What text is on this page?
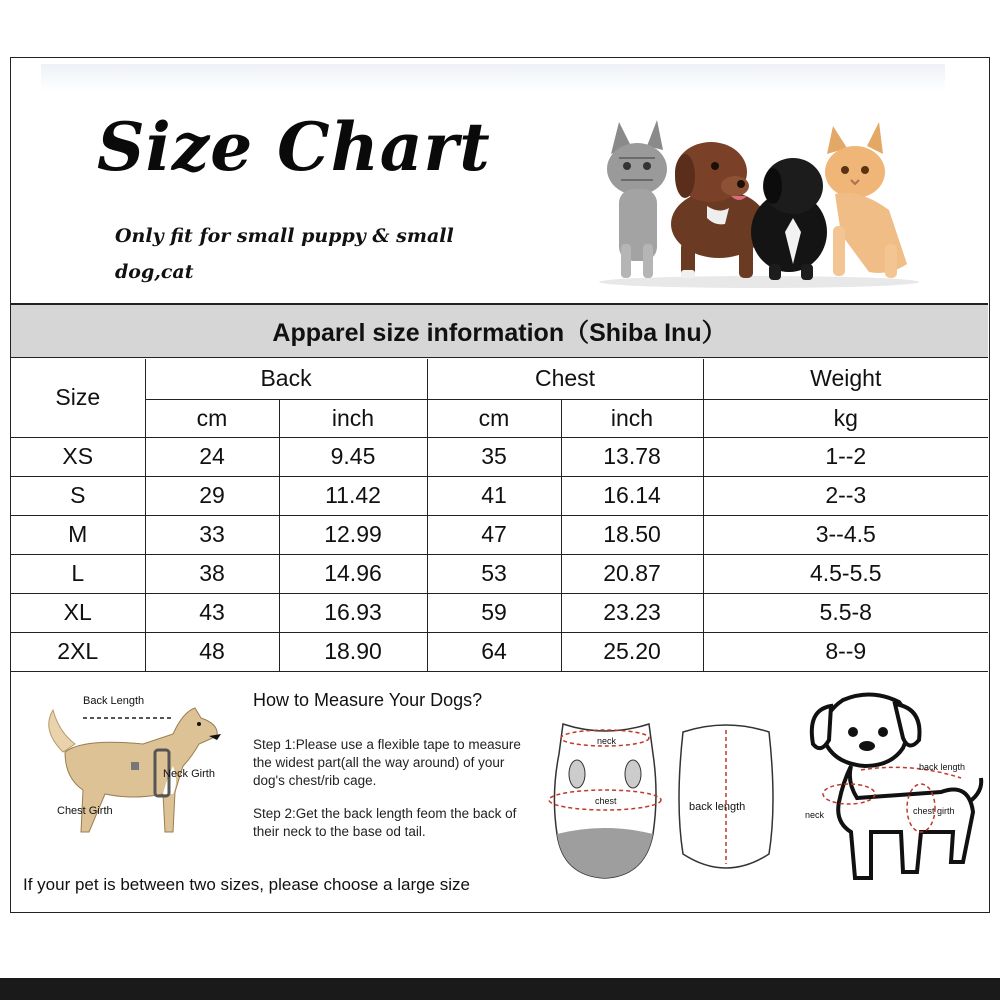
Size Chart
Only fit for small puppy & small dog,cat
Apparel size information（Shiba Inu）
Size	Back		Chest		Weight
	cm	inch	cm	inch	kg
XS	24	9.45	35	13.78	1--2
S	29	11.42	41	16.14	2--3
M	33	12.99	47	18.50	3--4.5
L	38	14.96	53	20.87	4.5-5.5
XL	43	16.93	59	23.23	5.5-8
2XL	48	18.90	64	25.20	8--9
Back Length
Neck Girth
Chest Girth
How to Measure Your Dogs?
Step 1:Please use a flexible tape to measure the widest part(all the way around) of your dog's chest/rib cage.
Step 2:Get the back length feom the back of their neck to the base od tail.
If your pet is between two sizes, please choose a large size
neck
chest	back length
back length
neck	chest girth
